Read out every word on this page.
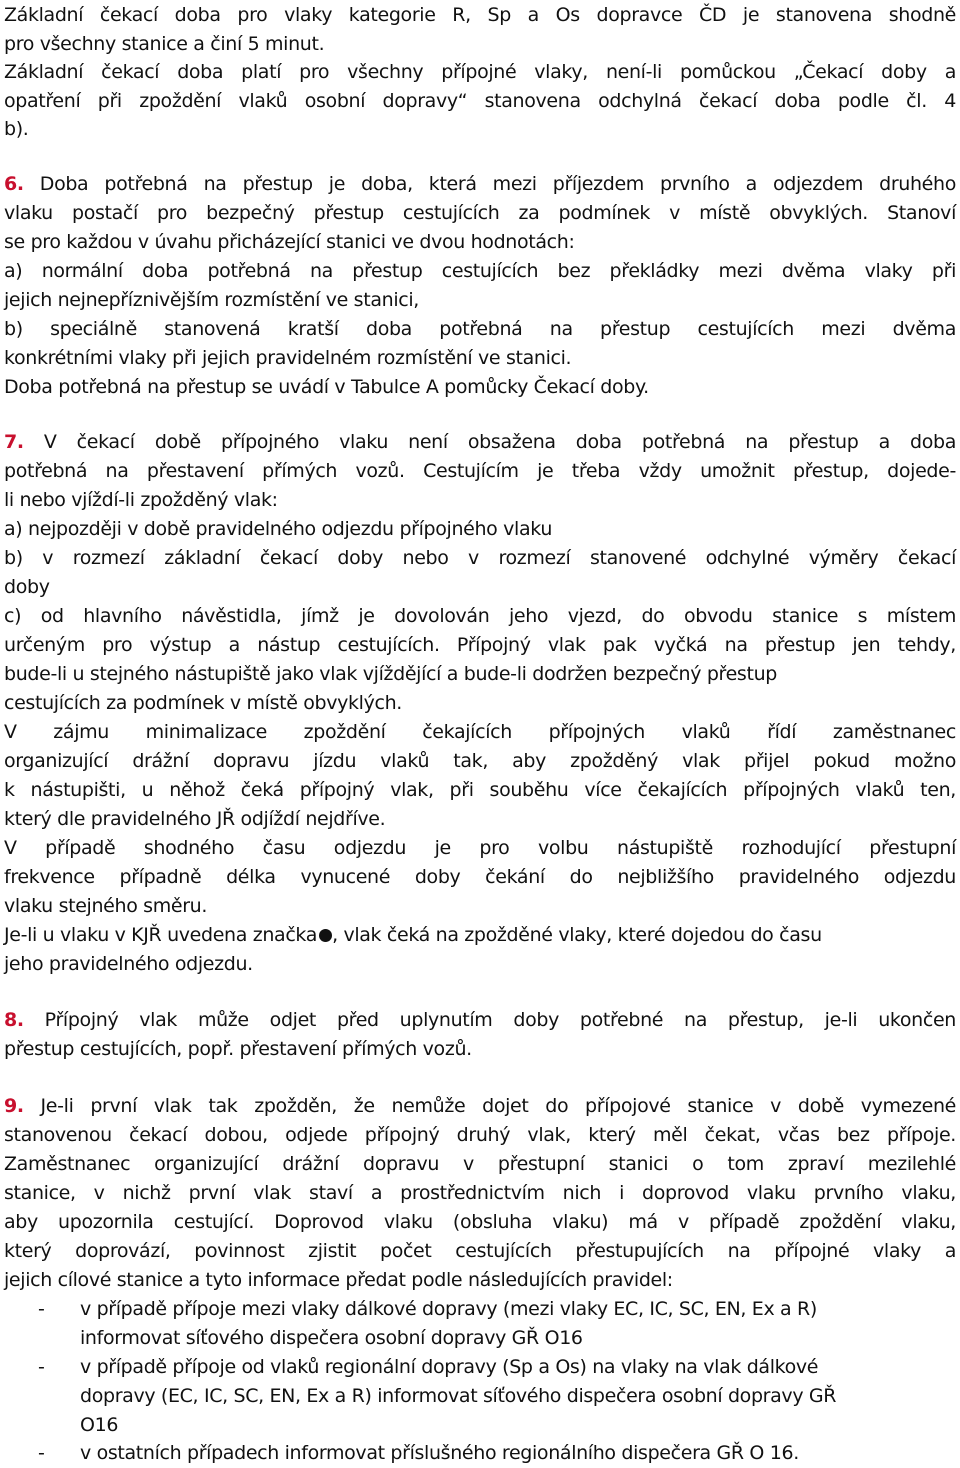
Základní čekací doba pro vlaky kategorie R, Sp a Os dopravce ČD je stanovena shodně
pro všechny stanice a činí 5 minut.
Základní čekací doba platí pro všechny přípojné vlaky, není-li pomůckou „Čekací doby a
opatření při zpoždění vlaků osobní dopravy“ stanovena odchylná čekací doba podle čl. 4
b).
6. Doba potřebná na přestup je doba, která mezi příjezdem prvního a odjezdem druhého
vlaku postačí pro bezpečný přestup cestujících za podmínek v místě obvyklých. Stanoví
se pro každou v úvahu přicházející stanici ve dvou hodnotách:
a) normální doba potřebná na přestup cestujících bez překládky mezi dvěma vlaky při
jejich nejnepříznivějším rozmístění ve stanici,
b) speciálně stanovená kratší doba potřebná na přestup cestujících mezi dvěma
konkrétními vlaky při jejich pravidelném rozmístění ve stanici.
Doba potřebná na přestup se uvádí v Tabulce A pomůcky Čekací doby.
7. V čekací době přípojného vlaku není obsažena doba potřebná na přestup a doba
potřebná na přestavení přímých vozů. Cestujícím je třeba vždy umožnit přestup, dojede-
li nebo vjíždí-li zpožděný vlak:
a) nejpozději v době pravidelného odjezdu přípojného vlaku
b) v rozmezí základní čekací doby nebo v rozmezí stanovené odchylné výměry čekací
doby
c) od hlavního návěstidla, jímž je dovolován jeho vjezd, do obvodu stanice s místem
určeným pro výstup a nástup cestujících. Přípojný vlak pak vyčká na přestup jen tehdy,
bude-li u stejného nástupiště jako vlak vjíždějící a bude-li dodržen bezpečný přestup
cestujících za podmínek v místě obvyklých.
V zájmu minimalizace zpoždění čekajících přípojných vlaků řídí zaměstnanec
organizující drážní dopravu jízdu vlaků tak, aby zpožděný vlak přijel pokud možno
k nástupišti, u něhož čeká přípojný vlak, při souběhu více čekajících přípojných vlaků ten,
který dle pravidelného JŘ odjíždí nejdříve.
V případě shodného času odjezdu je pro volbu nástupiště rozhodující přestupní
frekvence případně délka vynucené doby čekání do nejbližšího pravidelného odjezdu
vlaku stejného směru.
Je-li u vlaku v KJŘ uvedena značka , vlak čeká na zpožděné vlaky, které dojedou do času
jeho pravidelného odjezdu.
8. Přípojný vlak může odjet před uplynutím doby potřebné na přestup, je-li ukončen
přestup cestujících, popř. přestavení přímých vozů.
9. Je-li první vlak tak zpožděn, že nemůže dojet do přípojové stanice v době vymezené
stanovenou čekací dobou, odjede přípojný druhý vlak, který měl čekat, včas bez přípoje.
Zaměstnanec organizující drážní dopravu v přestupní stanici o tom zpraví mezilehlé
stanice, v nichž první vlak staví a prostřednictvím nich i doprovod vlaku prvního vlaku,
aby upozornila cestující. Doprovod vlaku (obsluha vlaku) má v případě zpoždění vlaku,
který doprovází, povinnost zjistit počet cestujících přestupujících na přípojné vlaky a
jejich cílové stanice a tyto informace předat podle následujících pravidel:
- v případě přípoje mezi vlaky dálkové dopravy (mezi vlaky EC, IC, SC, EN, Ex a R)
informovat síťového dispečera osobní dopravy GŘ O16
- v případě přípoje od vlaků regionální dopravy (Sp a Os) na vlaky na vlak dálkové
dopravy (EC, IC, SC, EN, Ex a R) informovat síťového dispečera osobní dopravy GŘ
O16
- v ostatních případech informovat příslušného regionálního dispečera GŘ O 16.
